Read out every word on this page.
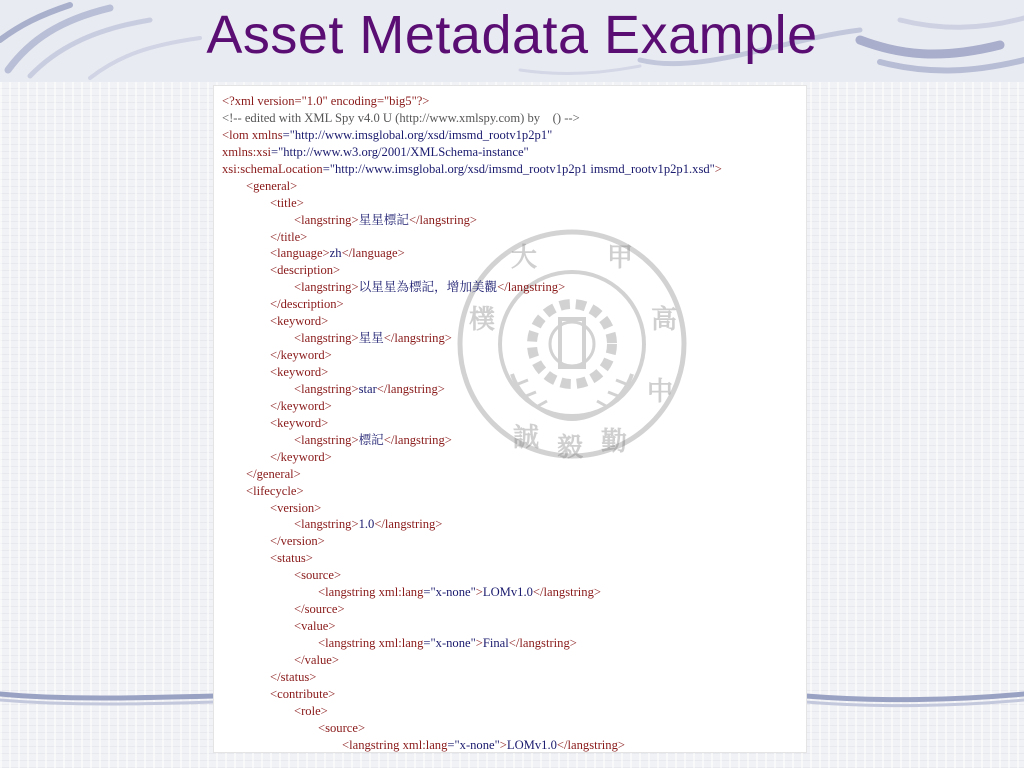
Asset Metadata Example
大	甲
高
中
勤
毅
誠
樸
<?xml version="1.0" encoding="big5"?>
<!-- edited with XML Spy v4.0 U (http://www.xmlspy.com) by    () -->
<lom xmlns="http://www.imsglobal.org/xsd/imsmd_rootv1p2p1"
xmlns:xsi="http://www.w3.org/2001/XMLSchema-instance"
xsi:schemaLocation="http://www.imsglobal.org/xsd/imsmd_rootv1p2p1 imsmd_rootv1p2p1.xsd">
<general>
<title>
<langstring>星星標記</langstring>
</title>
<language>zh</language>
<description>
<langstring>以星星為標記，增加美觀</langstring>
</description>
<keyword>
<langstring>星星</langstring>
</keyword>
<keyword>
<langstring>star</langstring>
</keyword>
<keyword>
<langstring>標記</langstring>
</keyword>
</general>
<lifecycle>
<version>
<langstring>1.0</langstring>
</version>
<status>
<source>
<langstring xml:lang="x-none">LOMv1.0</langstring>
</source>
<value>
<langstring xml:lang="x-none">Final</langstring>
</value>
</status>
<contribute>
<role>
<source>
<langstring xml:lang="x-none">LOMv1.0</langstring>
